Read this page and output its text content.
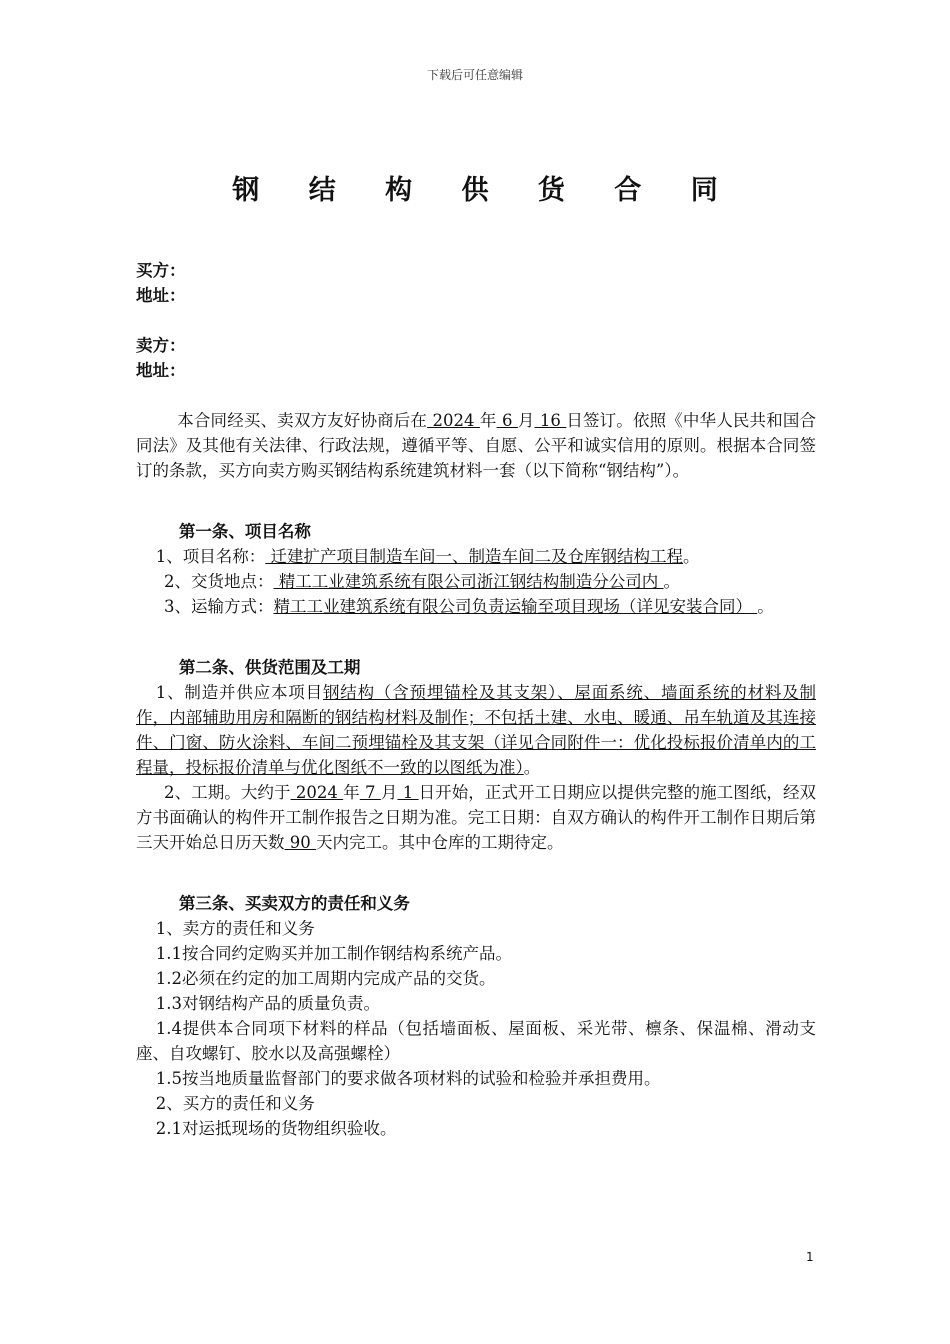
下载后可任意编辑
钢 结 构 供 货 合 同
买方：
地址：
卖方：
地址：

本合同经买、卖双方友好协商后在 2024 年 6 月 16 日签订。依照《中华人民共和国合同法》及其他有关法律、行政法规，遵循平等、自愿、公平和诚实信用的原则。根据本合同签订的条款，买方向卖方购买钢结构系统建筑材料一套（以下简称“钢结构”）。

第一条、项目名称

1、项目名称： 迁建扩产项目制造车间一、制造车间二及仓库钢结构工程。

2、交货地点： 精工工业建筑系统有限公司浙江钢结构制造分公司内 。

3、运输方式：精工工业建筑系统有限公司负责运输至项目现场（详见安装合同） 。

第二条、供货范围及工期

1、制造并供应本项目钢结构（含预埋锚栓及其支架）、屋面系统、墙面系统的材料及制作，内部辅助用房和隔断的钢结构材料及制作；不包括土建、水电、暖通、吊车轨道及其连接件、门窗、防火涂料、车间二预埋锚栓及其支架（详见合同附件一：优化投标报价清单内的工程量，投标报价清单与优化图纸不一致的以图纸为准）。

2、工期。大约于 2024 年 7 月 1 日开始，正式开工日期应以提供完整的施工图纸，经双方书面确认的构件开工制作报告之日期为准。完工日期：自双方确认的构件开工制作日期后第三天开始总日历天数 90 天内完工。其中仓库的工期待定。

第三条、买卖双方的责任和义务

1、卖方的责任和义务

1.1按合同约定购买并加工制作钢结构系统产品。

1.2必须在约定的加工周期内完成产品的交货。

1.3对钢结构产品的质量负责。

1.4提供本合同项下材料的样品（包括墙面板、屋面板、采光带、檩条、保温棉、滑动支座、自攻螺钉、胶水以及高强螺栓）

1.5按当地质量监督部门的要求做各项材料的试验和检验并承担费用。

2、买方的责任和义务

2.1对运抵现场的货物组织验收。

1
